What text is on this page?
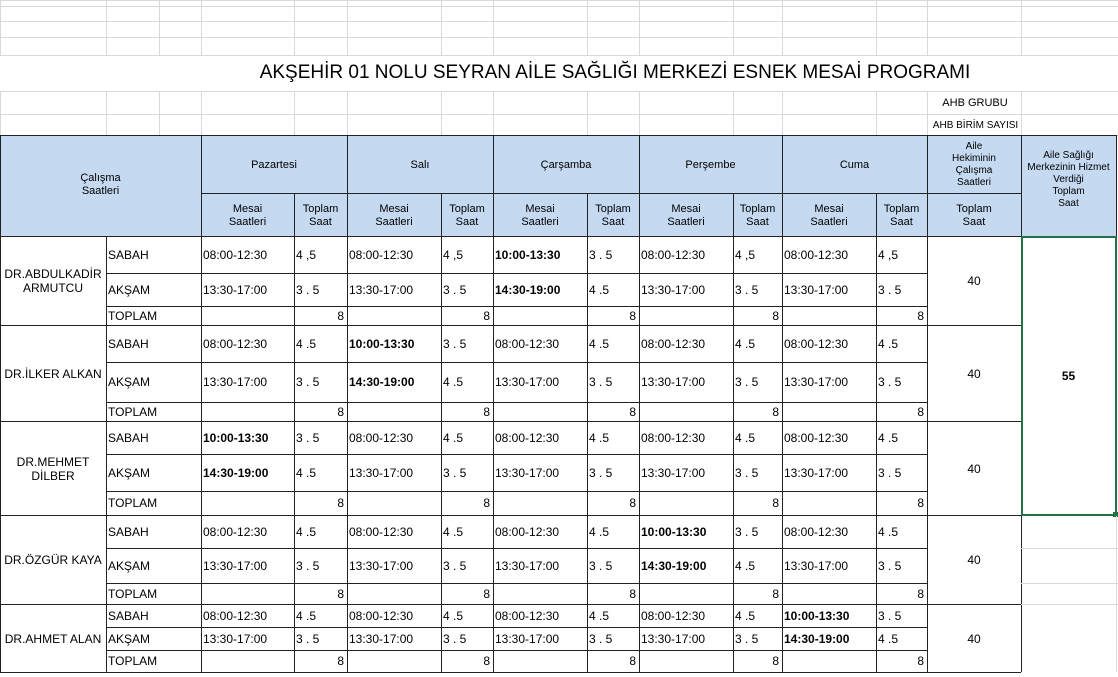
AKŞEHİR 01 NOLU SEYRAN AİLE SAĞLIĞI MERKEZİ ESNEK MESAİ PROGRAMI
AHB GRUBU
AHB BİRİM SAYISI
Çalışma
Saatleri
Pazartesi
Mesai
Saatleri
Toplam
Saat
Salı
Mesai
Saatleri
Toplam
Saat
Çarşamba
Mesai
Saatleri
Toplam
Saat
Perşembe
Mesai
Saatleri
Toplam
Saat
Cuma
Mesai
Saatleri
Toplam
Saat
Aile
Hekiminin
Çalışma
Saatleri
Toplam
Saat
Aile Sağlığı
Merkezinin Hizmet
Verdiği
Toplam
Saat
DR.ABDULKADİR
ARMUTCU
SABAH
AKŞAM
TOPLAM
08:00-12:30 4 ,5
13:30-17:00 3 . 5
8
08:00-12:30 4 ,5
13:30-17:00 3 . 5
8
10:00-13:30 3 . 5
14:30-19:00 4 .5
8
08:00-12:30 4 ,5
13:30-17:00 3 . 5
8
08:00-12:30 4 ,5
13:30-17:00 3 . 5
8
40
DR.İLKER ALKAN
SABAH
AKŞAM
TOPLAM
08:00-12:30 4 .5
13:30-17:00 3 . 5
8
10:00-13:30 3 . 5
14:30-19:00 4 .5
8
08:00-12:30 4 .5
13:30-17:00 3 . 5
8
08:00-12:30 4 .5
13:30-17:00 3 . 5
8
08:00-12:30 4 .5
13:30-17:00 3 . 5
8
40
DR.MEHMET
DİLBER
SABAH
AKŞAM
TOPLAM
10:00-13:30 3 . 5
14:30-19:00 4 .5
8
08:00-12:30 4 .5
13:30-17:00 3 . 5
8
08:00-12:30 4 .5
13:30-17:00 3 . 5
8
08:00-12:30 4 .5
13:30-17:00 3 . 5
8
08:00-12:30 4 .5
13:30-17:00 3 . 5
8
40
DR.ÖZGÜR KAYA
SABAH
AKŞAM
TOPLAM
08:00-12:30 4 .5
13:30-17:00 3 . 5
8
08:00-12:30 4 .5
13:30-17:00 3 . 5
8
08:00-12:30 4 .5
13:30-17:00 3 . 5
8
10:00-13:30 3 . 5
14:30-19:00 4 .5
8
08:00-12:30 4 .5
13:30-17:00 3 . 5
8
40
DR.AHMET ALAN
SABAH
AKŞAM
TOPLAM
08:00-12:30 4 .5
13:30-17:00 3 . 5
8
08:00-12:30 4 .5
13:30-17:00 3 . 5
8
08:00-12:30 4 .5
13:30-17:00 3 . 5
8
08:00-12:30 4 .5
13:30-17:00 3 . 5
8
10:00-13:30 3 . 5
14:30-19:00 4 .5
8
40
55
